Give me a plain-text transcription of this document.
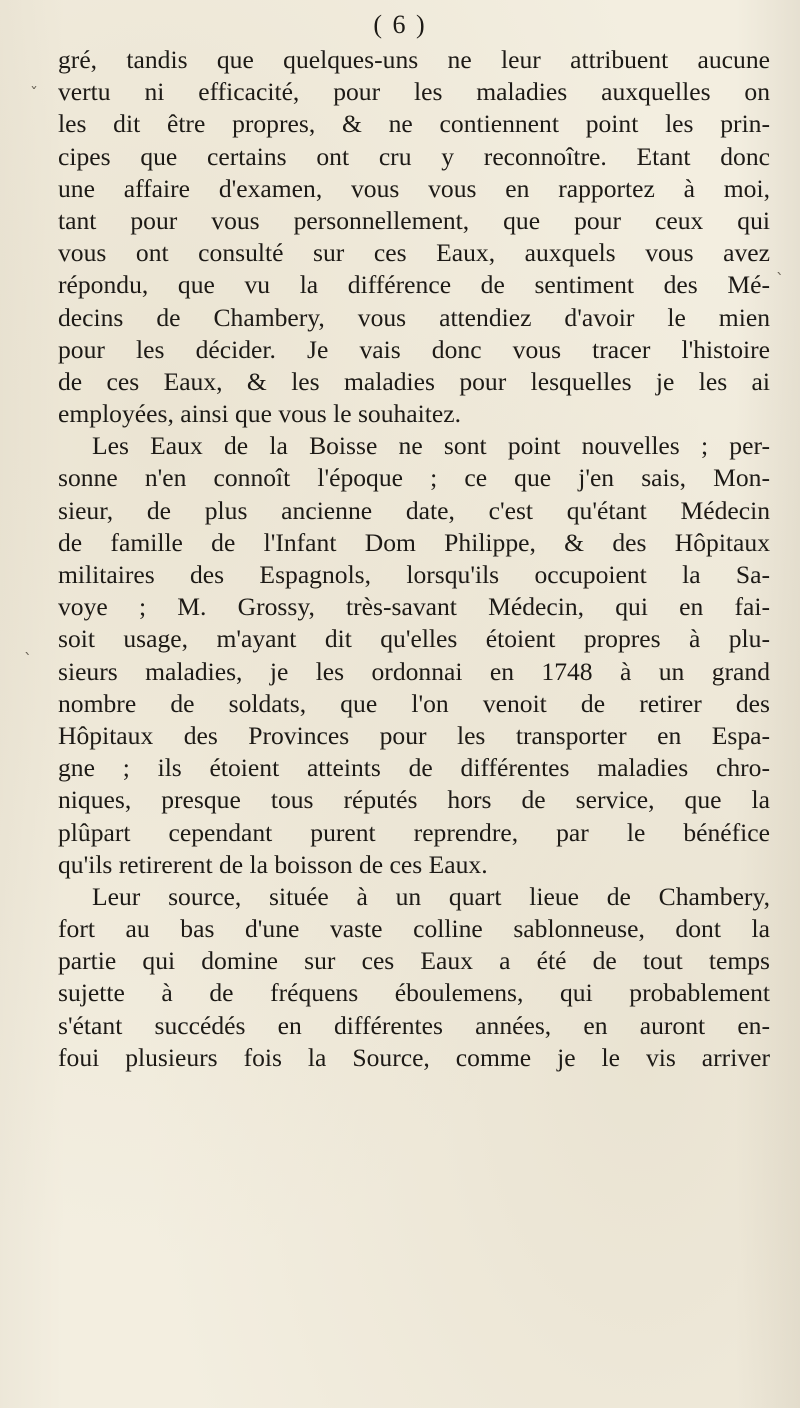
( 6 )
ˇ
ˎ
ˋ
gré, tandis que quelques-uns ne leur attribuent aucune
vertu ni efficacité, pour les maladies auxquelles on
les dit être propres, & ne contiennent point les prin-
cipes que certains ont cru y reconnoître. Etant donc
une affaire d'examen, vous vous en rapportez à moi,
tant pour vous personnellement, que pour ceux qui
vous ont consulté sur ces Eaux, auxquels vous avez
répondu, que vu la différence de sentiment des Mé-
decins de Chambery, vous attendiez d'avoir le mien
pour les décider. Je vais donc vous tracer l'histoire
de ces Eaux, & les maladies pour lesquelles je les ai
employées, ainsi que vous le souhaitez.
Les Eaux de la Boisse ne sont point nouvelles ; per-
sonne n'en connoît l'époque ; ce que j'en sais, Mon-
sieur, de plus ancienne date, c'est qu'étant Médecin
de famille de l'Infant Dom Philippe, & des Hôpitaux
militaires des Espagnols, lorsqu'ils occupoient la Sa-
voye ; M. Grossy, très-savant Médecin, qui en fai-
soit usage, m'ayant dit qu'elles étoient propres à plu-
sieurs maladies, je les ordonnai en 1748 à un grand
nombre de soldats, que l'on venoit de retirer des
Hôpitaux des Provinces pour les transporter en Espa-
gne ; ils étoient atteints de différentes maladies chro-
niques, presque tous réputés hors de service, que la
plûpart cependant purent reprendre, par le bénéfice
qu'ils retirerent de la boisson de ces Eaux.
Leur source, située à un quart lieue de Chambery,
fort au bas d'une vaste colline sablonneuse, dont la
partie qui domine sur ces Eaux a été de tout temps
sujette à de fréquens éboulemens, qui probablement
s'étant succédés en différentes années, en auront en-
foui plusieurs fois la Source, comme je le vis arriver
